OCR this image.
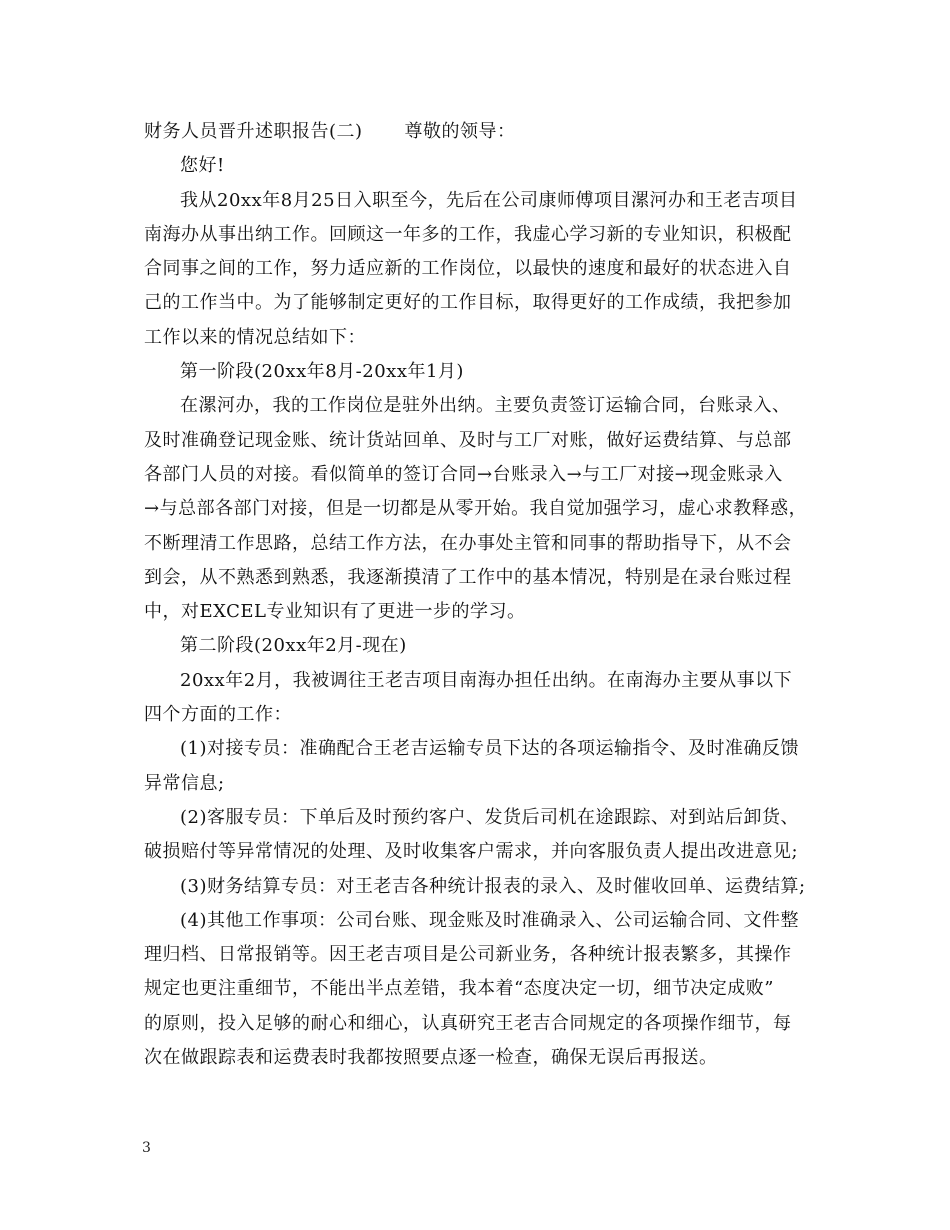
财务人员晋升述职报告(二) 尊敬的领导：
您好!
我从20xx年8月25日入职至今，先后在公司康师傅项目漯河办和王老吉项目
南海办从事出纳工作。回顾这一年多的工作，我虚心学习新的专业知识，积极配
合同事之间的工作，努力适应新的工作岗位，以最快的速度和最好的状态进入自
己的工作当中。为了能够制定更好的工作目标，取得更好的工作成绩，我把参加
工作以来的情况总结如下：
第一阶段(20xx年8月-20xx年1月)
在漯河办，我的工作岗位是驻外出纳。主要负责签订运输合同，台账录入、
及时准确登记现金账、统计货站回单、及时与工厂对账，做好运费结算、与总部
各部门人员的对接。看似简单的签订合同→台账录入→与工厂对接→现金账录入
→与总部各部门对接，但是一切都是从零开始。我自觉加强学习，虚心求教释惑，
不断理清工作思路，总结工作方法，在办事处主管和同事的帮助指导下，从不会
到会，从不熟悉到熟悉，我逐渐摸清了工作中的基本情况，特别是在录台账过程
中，对EXCEL专业知识有了更进一步的学习。
第二阶段(20xx年2月-现在)
20xx年2月，我被调往王老吉项目南海办担任出纳。在南海办主要从事以下
四个方面的工作：
(1)对接专员：准确配合王老吉运输专员下达的各项运输指令、及时准确反馈
异常信息;
(2)客服专员：下单后及时预约客户、发货后司机在途跟踪、对到站后卸货、
破损赔付等异常情况的处理、及时收集客户需求，并向客服负责人提出改进意见;
(3)财务结算专员：对王老吉各种统计报表的录入、及时催收回单、运费结算;
(4)其他工作事项：公司台账、现金账及时准确录入、公司运输合同、文件整
理归档、日常报销等。因王老吉项目是公司新业务，各种统计报表繁多，其操作
规定也更注重细节，不能出半点差错，我本着“态度决定一切，细节决定成败”
的原则，投入足够的耐心和细心，认真研究王老吉合同规定的各项操作细节，每
次在做跟踪表和运费表时我都按照要点逐一检查，确保无误后再报送。
3
